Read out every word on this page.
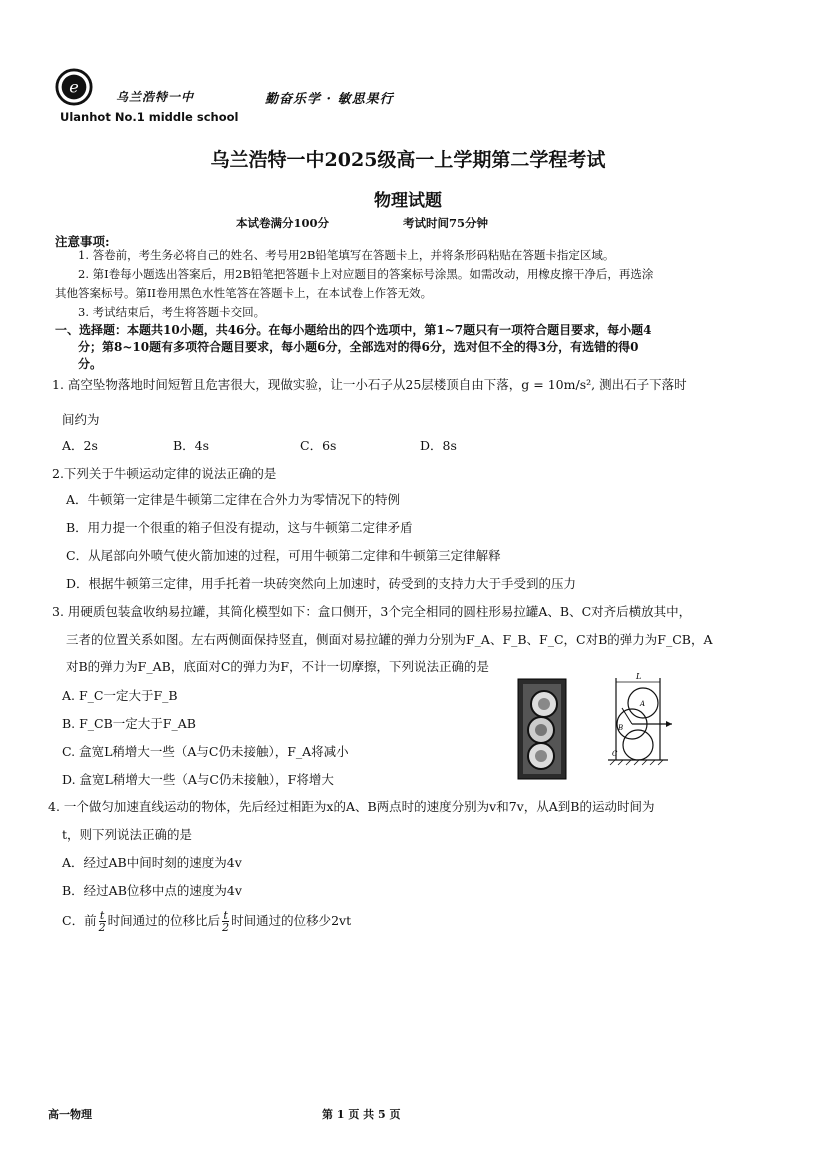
e
乌兰浩特一中	勤奋乐学 · 敏思果行
Ulanhot No.1 middle school
乌兰浩特一中2025级高一上学期第二学程考试
物理试题
本试卷满分100分	考试时间75分钟
注意事项:
1. 答卷前，考生务必将自己的姓名、考号用2B铅笔填写在答题卡上，并将条形码粘贴在答题卡指定区域。
2. 第I卷每小题选出答案后，用2B铅笔把答题卡上对应题目的答案标号涂黑。如需改动，用橡皮擦干净后，再选涂
其他答案标号。第II卷用黑色水性笔答在答题卡上，在本试卷上作答无效。
3. 考试结束后，考生将答题卡交回。
一、选择题：本题共10小题，共46分。在每小题给出的四个选项中，第1~7题只有一项符合题目要求，每小题4
分；第8~10题有多项符合题目要求，每小题6分，全部选对的得6分，选对但不全的得3分，有选错的得0
分。
1. 高空坠物落地时间短暂且危害很大，现做实验，让一小石子从25层楼顶自由下落，g = 10m/s², 测出石子下落时
间约为
A．2s	B．4s	C．6s	D．8s
2.下列关于牛顿运动定律的说法正确的是
A．牛顿第一定律是牛顿第二定律在合外力为零情况下的特例
B．用力提一个很重的箱子但没有提动，这与牛顿第二定律矛盾
C．从尾部向外喷气使火箭加速的过程，可用牛顿第二定律和牛顿第三定律解释
D．根据牛顿第三定律，用手托着一块砖突然向上加速时，砖受到的支持力大于手受到的压力
3. 用硬质包装盒收纳易拉罐，其简化模型如下：盒口侧开，3个完全相同的圆柱形易拉罐A、B、C对齐后横放其中，
三者的位置关系如图。左右两侧面保持竖直，侧面对易拉罐的弹力分别为F_A、F_B、F_C，C对B的弹力为F_CB，A
对B的弹力为F_AB，底面对C的弹力为F，不计一切摩擦，下列说法正确的是
A. F_C一定大于F_B
B. F_CB一定大于F_AB
C. 盒宽L稍增大一些（A与C仍未接触），F_A将减小
D. 盒宽L稍增大一些（A与C仍未接触），F将增大
L
A
B
C
4. 一个做匀加速直线运动的物体，先后经过相距为x的A、B两点时的速度分别为v和7v，从A到B的运动时间为
t，则下列说法正确的是
A．经过AB中间时刻的速度为4v
B．经过AB位移中点的速度为4v
C．前 $\frac{t}{2}$ 时间通过的位移比后 $\frac{t}{2}$ 时间通过的位移少2vt
高一物理	第 1 页 共 5 页
